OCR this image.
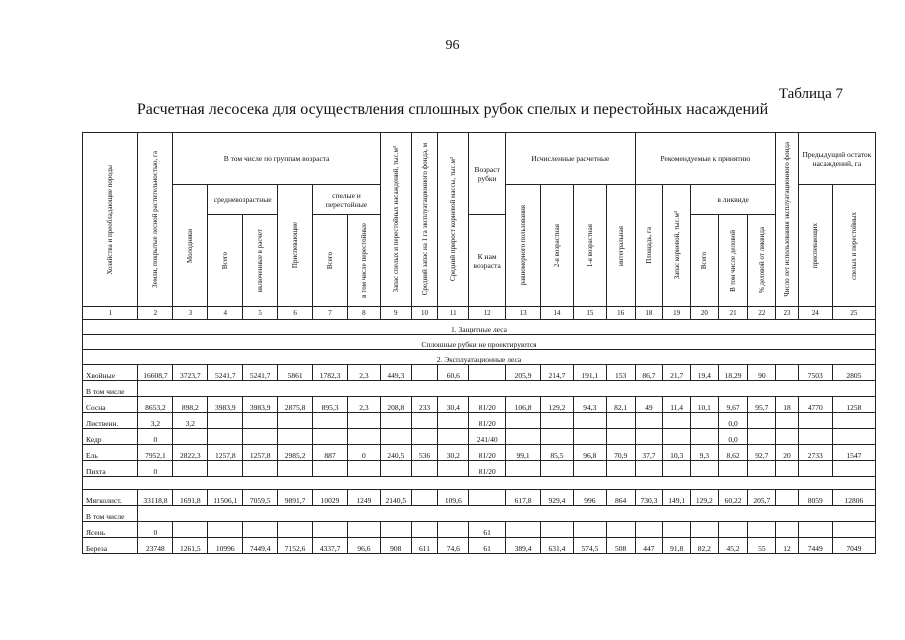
96
Таблица 7
Расчетная лесосека для осуществления сплошных рубок спелых и перестойных насаждений
Хозяйства и преобладающие породы	Земли, покрытые лесной растительностью, га	В том числе по группам возраста						Запас спелых и перестойных насаждений, тыс.м³	Средний запас на 1 га эксплуатационного фонда, м	Средний прирост корневой массы, тыс.м³	Возраст рубки	Исчисленные расчетные				Рекомендуемые к принятию					Число лет использования эксплуатационного фонда	Предыдущий остаток насаждений, га	

		Молодняки	средневозрастные		Приспевающие	спелые и перестойные						равномерного пользования	2-я возрастная	1-я возрастная	интегральная	Площадь, га	Запас корневой, тыс.м³	в ликвиде				приспевающих	спелых и перестойных

			Всего	включенные в расчет		Всего	в том числе перестойные				К нам возраста							Всего	В том числе деловой	% деловой от ликвида			

1	2	3	4	5	6	7	8	9	10	11	12	13	14	15	16	18	19	20	21	22	23	24	25
1. Защитные леса																							
Сплошные рубки не проектируются																							
2. Эксплуатационные леса																							
Хвойные	16608,7	3723,7	5241,7	5241,7	5861	1782,3	2,3	449,3		60,6		205,9	214,7	191,1	153	86,7	21,7	19,4	18,29	90		7503	2805
В том числе																							
Сосна	8653,2	898,2	3983,9	3983,9	2875,8	895,3	2,3	208,8	233	30,4	81/20	106,8	129,2	94,3	82,1	49	11,4	10,1	9,67	95,7	18	4770	1258
Лиственн.	3,2	3,2									81/20								0,0				
Кедр	0										241/40								0,0				
Ель	7952,1	2822,3	1257,8	1257,8	2985,2	887	0	240,5	536	30,2	81/20	99,1	85,5	96,8	70,9	37,7	10,3	9,3	8,62	92,7	20	2733	1547
Пихта	0										81/20												

Мягколист.	33118,8	1691,8	11506,1	7059,5	9891,7	10029	1249	2140,5		109,6		617,8	929,4	996	864	730,3	149,1	129,2	60,22	205,7		8059	12806
В том числе																							
Ясень	0										61												
Береза	23748	1261,5	10996	7449,4	7152,6	4337,7	96,6	908	611	74,6	61	389,4	631,4	574,5	508	447	91,8	82,2	45,2	55	12	7449	7049
